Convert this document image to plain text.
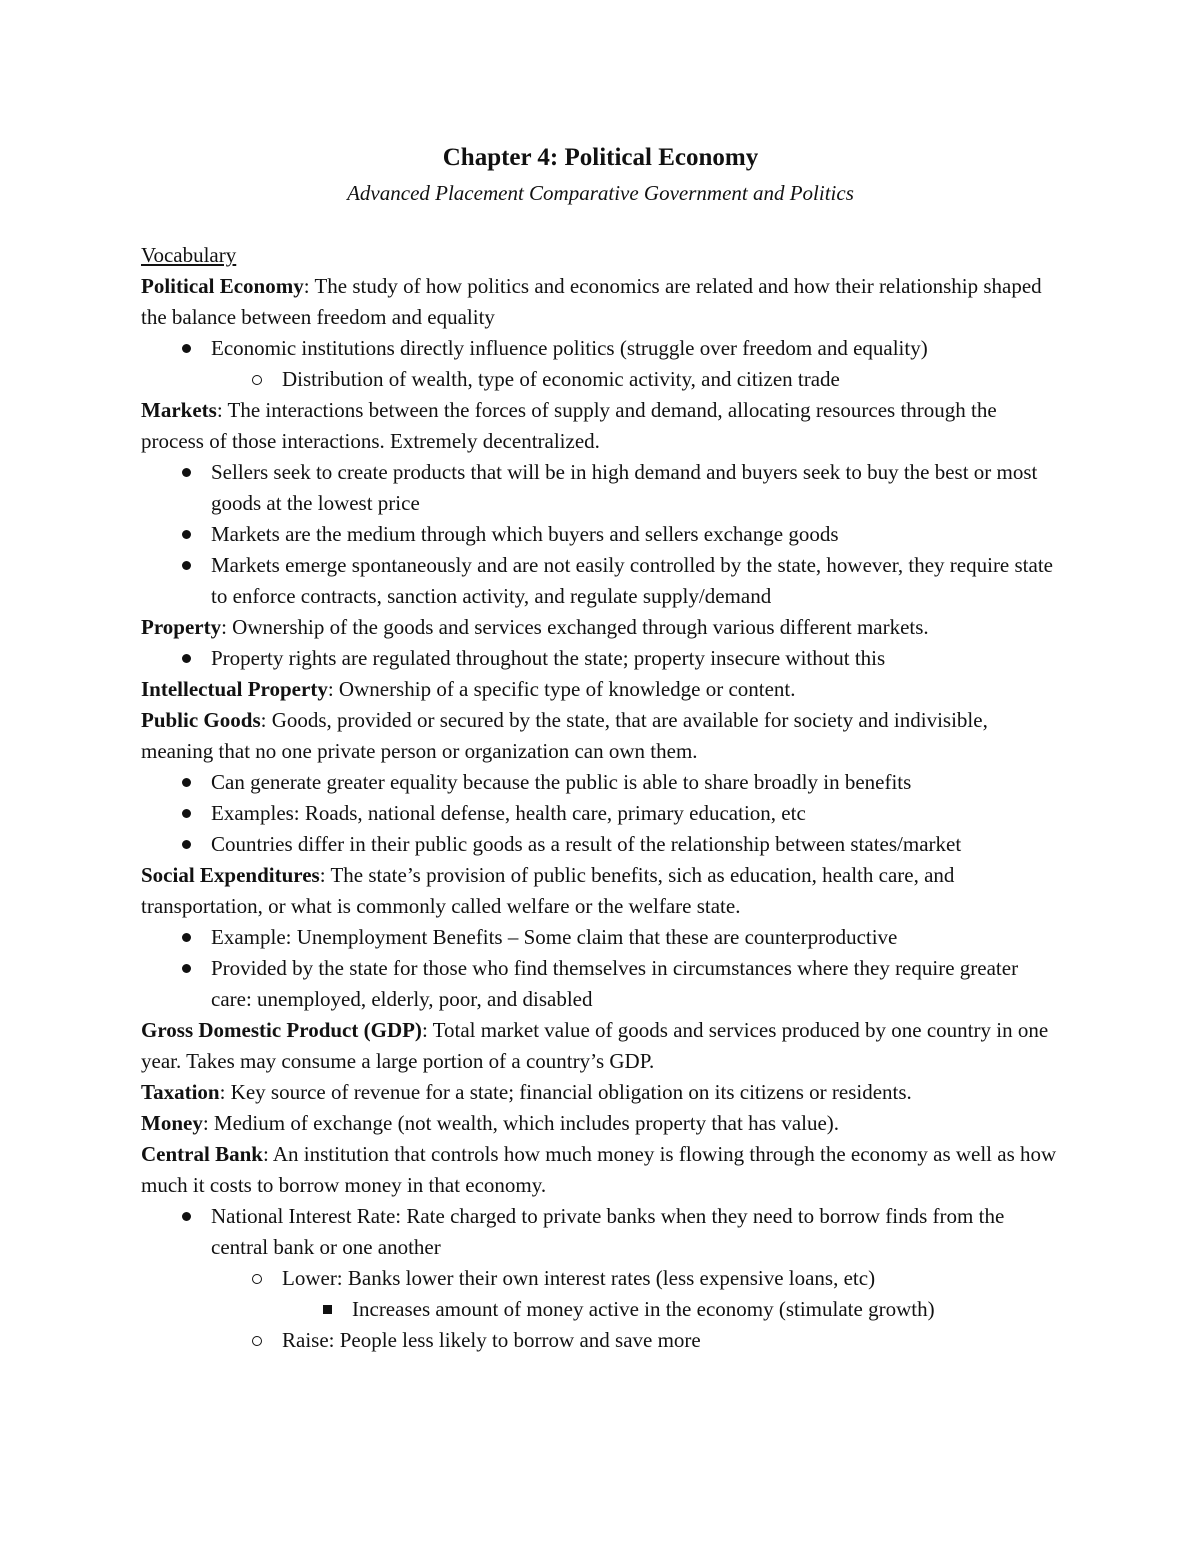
Chapter 4: Political Economy

Advanced Placement Comparative Government and Politics

Vocabulary

Political Economy: The study of how politics and economics are related and how their relationship shaped the balance between freedom and equality

Economic institutions directly influence politics (struggle over freedom and equality)
Distribution of wealth, type of economic activity, and citizen trade

Markets: The interactions between the forces of supply and demand, allocating resources through the process of those interactions. Extremely decentralized.

Sellers seek to create products that will be in high demand and buyers seek to buy the best or most goods at the lowest price
Markets are the medium through which buyers and sellers exchange goods
Markets emerge spontaneously and are not easily controlled by the state, however, they require state to enforce contracts, sanction activity, and regulate supply/demand

Property: Ownership of the goods and services exchanged through various different markets.

Property rights are regulated throughout the state; property insecure without this

Intellectual Property: Ownership of a specific type of knowledge or content.

Public Goods: Goods, provided or secured by the state, that are available for society and indivisible, meaning that no one private person or organization can own them.

Can generate greater equality because the public is able to share broadly in benefits
Examples: Roads, national defense, health care, primary education, etc
Countries differ in their public goods as a result of the relationship between states/market

Social Expenditures: The state’s provision of public benefits, sich as education, health care, and transportation, or what is commonly called welfare or the welfare state.

Example: Unemployment Benefits – Some claim that these are counterproductive
Provided by the state for those who find themselves in circumstances where they require greater care: unemployed, elderly, poor, and disabled

Gross Domestic Product (GDP): Total market value of goods and services produced by one country in one year. Takes may consume a large portion of a country’s GDP.

Taxation: Key source of revenue for a state; financial obligation on its citizens or residents.

Money: Medium of exchange (not wealth, which includes property that has value).

Central Bank: An institution that controls how much money is flowing through the economy as well as how much it costs to borrow money in that economy.

National Interest Rate: Rate charged to private banks when they need to borrow finds from the central bank or one another
Lower: Banks lower their own interest rates (less expensive loans, etc)
Increases amount of money active in the economy (stimulate growth)
Raise: People less likely to borrow and save more
